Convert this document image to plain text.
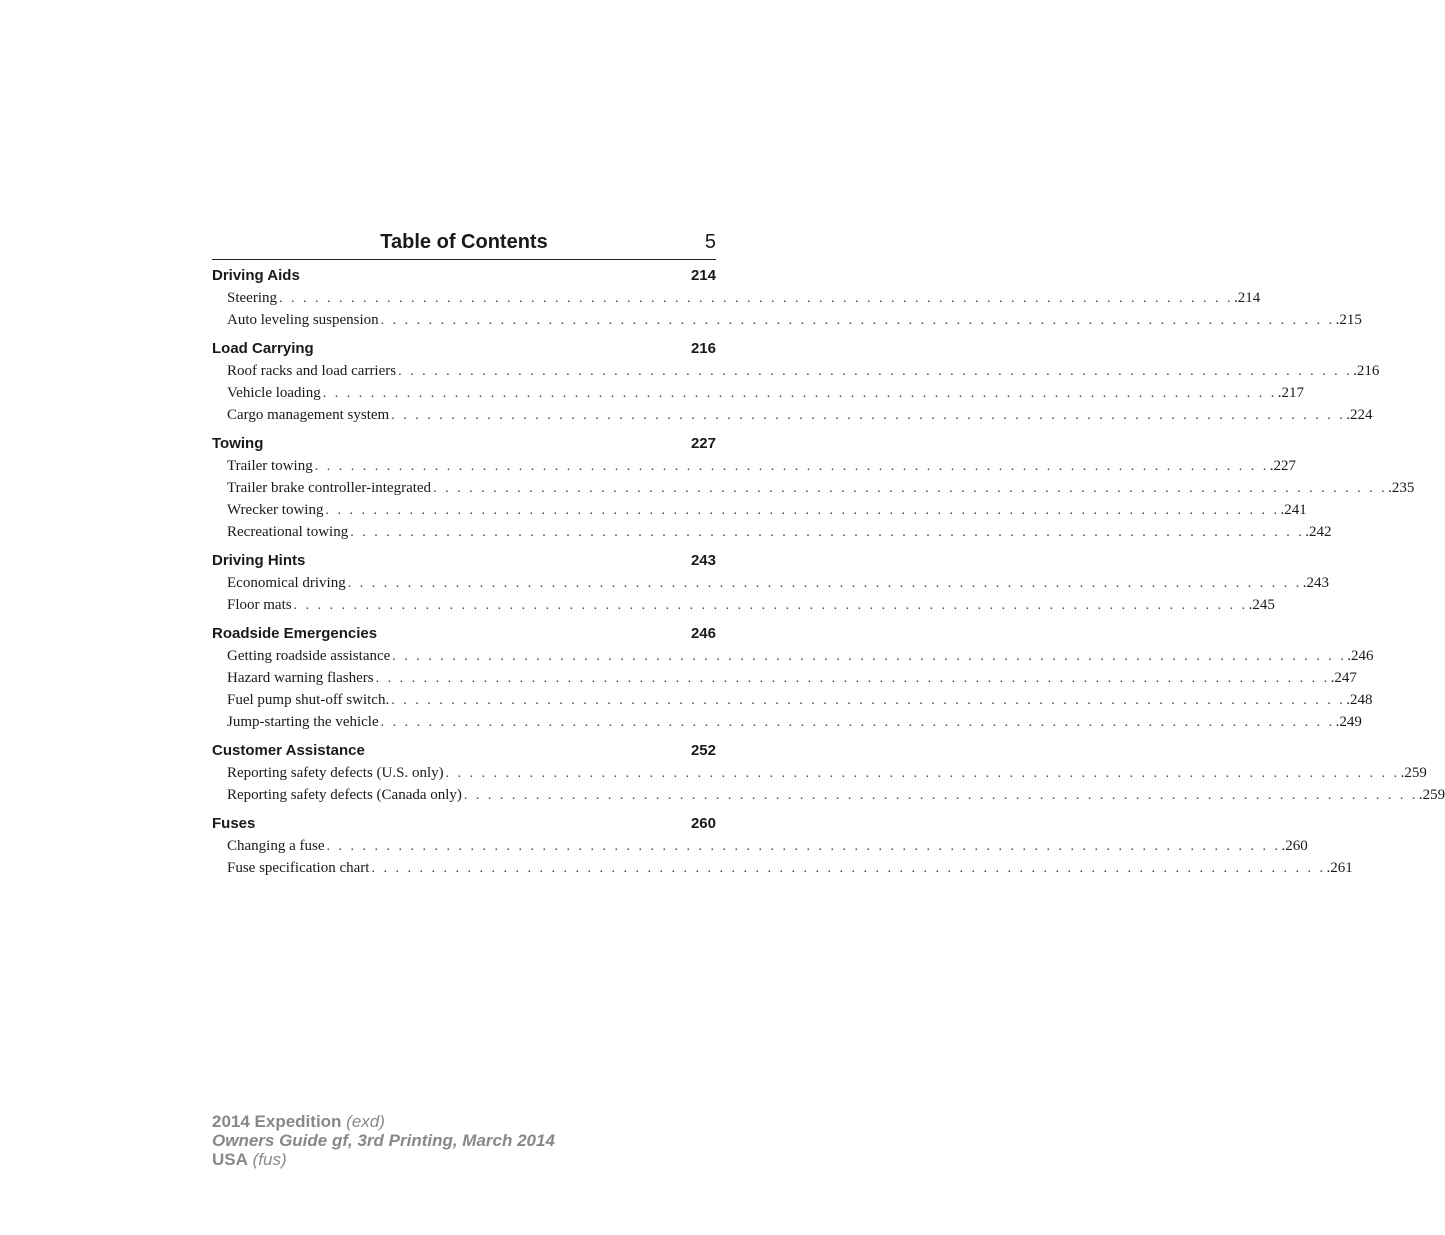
Table of Contents	5
Driving Aids	214
Steering . . . . . . . . . . . . . . . . . . . . . . . . . . . . . . . . . . . . . . . . . . . . . . . . . . . . . . . . . . . . . . . . . . . . . . . . . . . . . . . . .214
Auto leveling suspension . . . . . . . . . . . . . . . . . . . . . . . . . . . . . . . . . . . . . . . . . . . . . . . . . . . . . . . . . . . . . . . . . . . . . . . . . . . . . . . . .215
Load Carrying	216
Roof racks and load carriers . . . . . . . . . . . . . . . . . . . . . . . . . . . . . . . . . . . . . . . . . . . . . . . . . . . . . . . . . . . . . . . . . . . . . . . . . . . . . . . . .216
Vehicle loading . . . . . . . . . . . . . . . . . . . . . . . . . . . . . . . . . . . . . . . . . . . . . . . . . . . . . . . . . . . . . . . . . . . . . . . . . . . . . . . . .217
Cargo management system . . . . . . . . . . . . . . . . . . . . . . . . . . . . . . . . . . . . . . . . . . . . . . . . . . . . . . . . . . . . . . . . . . . . . . . . . . . . . . . . .224
Towing	227
Trailer towing . . . . . . . . . . . . . . . . . . . . . . . . . . . . . . . . . . . . . . . . . . . . . . . . . . . . . . . . . . . . . . . . . . . . . . . . . . . . . . . . .227
Trailer brake controller-integrated . . . . . . . . . . . . . . . . . . . . . . . . . . . . . . . . . . . . . . . . . . . . . . . . . . . . . . . . . . . . . . . . . . . . . . . . . . . . . . . . .235
Wrecker towing . . . . . . . . . . . . . . . . . . . . . . . . . . . . . . . . . . . . . . . . . . . . . . . . . . . . . . . . . . . . . . . . . . . . . . . . . . . . . . . . .241
Recreational towing . . . . . . . . . . . . . . . . . . . . . . . . . . . . . . . . . . . . . . . . . . . . . . . . . . . . . . . . . . . . . . . . . . . . . . . . . . . . . . . . .242
Driving Hints	243
Economical driving . . . . . . . . . . . . . . . . . . . . . . . . . . . . . . . . . . . . . . . . . . . . . . . . . . . . . . . . . . . . . . . . . . . . . . . . . . . . . . . . .243
Floor mats . . . . . . . . . . . . . . . . . . . . . . . . . . . . . . . . . . . . . . . . . . . . . . . . . . . . . . . . . . . . . . . . . . . . . . . . . . . . . . . . .245
Roadside Emergencies	246
Getting roadside assistance . . . . . . . . . . . . . . . . . . . . . . . . . . . . . . . . . . . . . . . . . . . . . . . . . . . . . . . . . . . . . . . . . . . . . . . . . . . . . . . . .246
Hazard warning flashers . . . . . . . . . . . . . . . . . . . . . . . . . . . . . . . . . . . . . . . . . . . . . . . . . . . . . . . . . . . . . . . . . . . . . . . . . . . . . . . . .247
Fuel pump shut-off switch. . . . . . . . . . . . . . . . . . . . . . . . . . . . . . . . . . . . . . . . . . . . . . . . . . . . . . . . . . . . . . . . . . . . . . . . . . . . . . . . . .248
Jump-starting the vehicle . . . . . . . . . . . . . . . . . . . . . . . . . . . . . . . . . . . . . . . . . . . . . . . . . . . . . . . . . . . . . . . . . . . . . . . . . . . . . . . . .249
Customer Assistance	252
Reporting safety defects (U.S. only) . . . . . . . . . . . . . . . . . . . . . . . . . . . . . . . . . . . . . . . . . . . . . . . . . . . . . . . . . . . . . . . . . . . . . . . . . . . . . . . . .259
Reporting safety defects (Canada only) . . . . . . . . . . . . . . . . . . . . . . . . . . . . . . . . . . . . . . . . . . . . . . . . . . . . . . . . . . . . . . . . . . . . . . . . . . . . . . . . .259
Fuses	260
Changing a fuse . . . . . . . . . . . . . . . . . . . . . . . . . . . . . . . . . . . . . . . . . . . . . . . . . . . . . . . . . . . . . . . . . . . . . . . . . . . . . . . . .260
Fuse specification chart . . . . . . . . . . . . . . . . . . . . . . . . . . . . . . . . . . . . . . . . . . . . . . . . . . . . . . . . . . . . . . . . . . . . . . . . . . . . . . . . .261
2014 Expedition (exd)
Owners Guide gf, 3rd Printing, March 2014
USA (fus)
